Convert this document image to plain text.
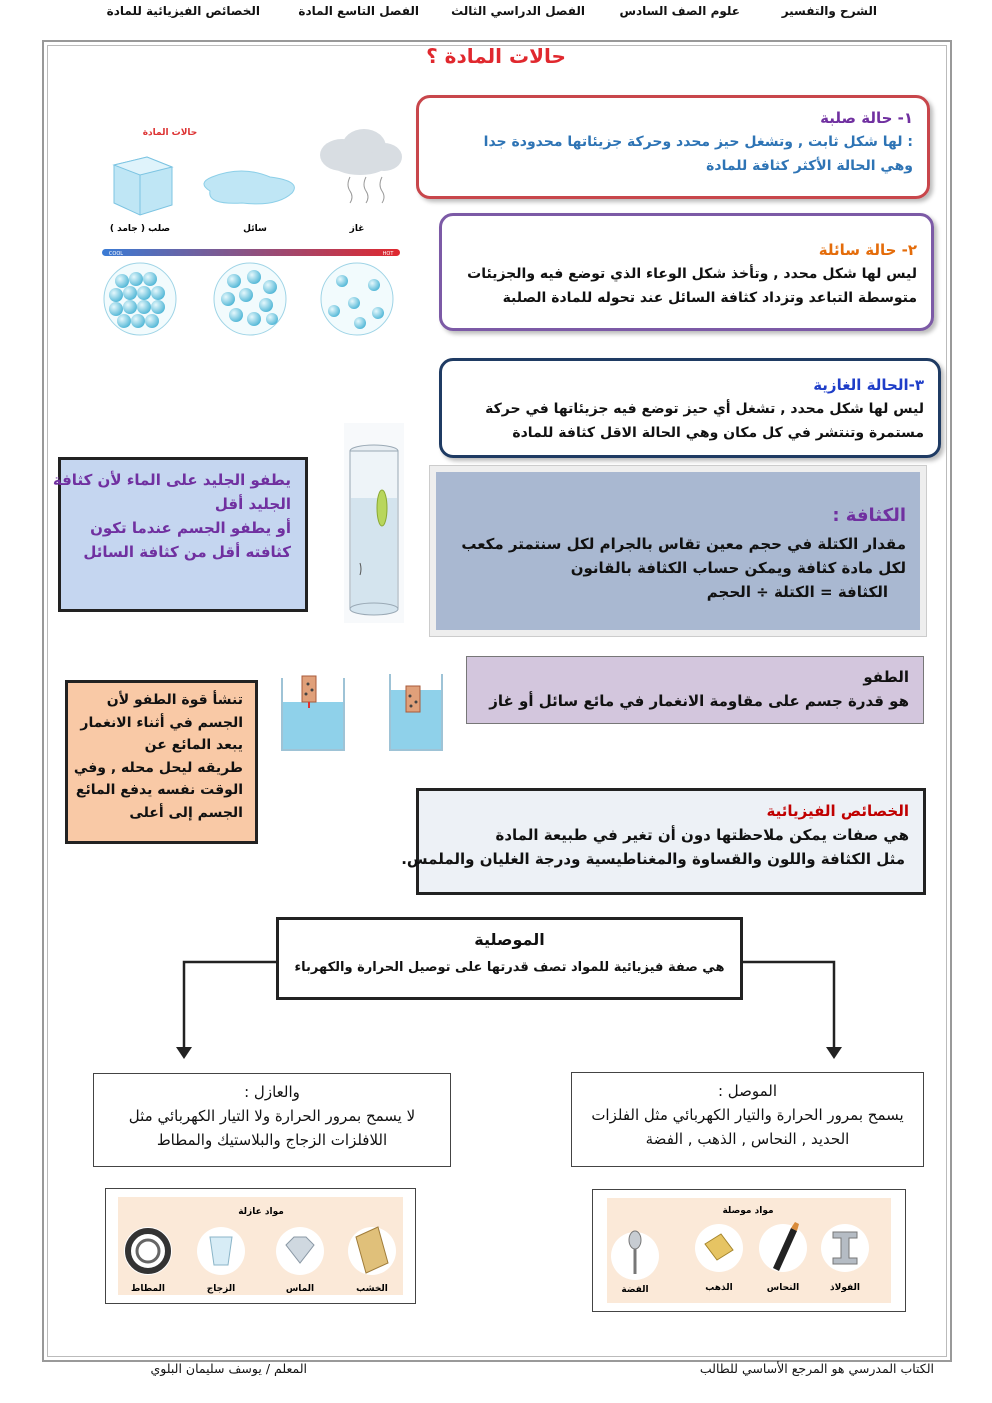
الشرح والتفسير
علوم الصف السادس
الفصل الدراسي الثالث
الفصل التاسع المادة
الخصائص الفيزيائية للمادة
حالات المادة ؟
حالات المادة
صلب ( جامد )	سائل	غاز
COOL	HOT
١- حالة صلبة
: لها شكل ثابت , وتشغل حيز محدد وحركة جزيئاتها محدودة جدا
وهي الحالة الأكثر كثافة للمادة
٢- حالة سائلة
ليس لها شكل محدد , وتأخذ شكل الوعاء الذي توضع فيه والجزيئات
متوسطة التباعد وتزداد كثافة السائل عند تحوله للمادة الصلبة
٣-الحالة الغازية
ليس لها شكل محدد , تشغل أي حيز توضع فيه جزيئاتها في حركة
مستمرة وتنتشر في كل مكان وهي الحالة الاقل كثافة للمادة
يطفو الجليد على الماء لأن كثافة
الجليد أقل
أو يطفو الجسم عندما تكون
كثافته أقل من كثافة السائل
الكثافة :
مقدار الكتلة في حجم معين تقاس بالجرام لكل سنتمتر مكعب
لكل مادة كثافة ويمكن حساب الكثافة بالقانون
الكثافة = الكتلة ÷ الحجم
الطفو
هو قدرة جسم على مقاومة الانغمار في مائع سائل أو غاز
تنشأ قوة الطفو لأن
الجسم في أثناء الانغمار
يبعد المائع عن
طريقه ليحل محله , وفي
الوقت نفسه يدفع المائع
الجسم إلى أعلى	الخصائص الفيزيائية
هي صفات يمكن ملاحظتها دون أن تغير في طبيعة المادة
مثل الكثافة واللون والقساوة والمغناطيسية ودرجة الغليان والملمس.
الموصلية
هي صفة فيزيائية للمواد تصف قدرتها على توصيل الحرارة والكهرباء
الموصل :
يسمح بمرور الحرارة والتيار الكهربائي مثل الفلزات
الحديد , النحاس , الذهب , الفضة
والعازل :
لا يسمح بمرور الحرارة ولا التيار الكهربائي مثل
اللافلزات الزجاج والبلاستيك والمطاط
مواد موصلة
الفولاذ
النحاس
الذهب
الفضة
مواد عازلة
الخشب
الماس
الزجاج
المطاط
الكتاب المدرسي هو المرجع الأساسي للطالب
المعلم / يوسف سليمان البلوي
